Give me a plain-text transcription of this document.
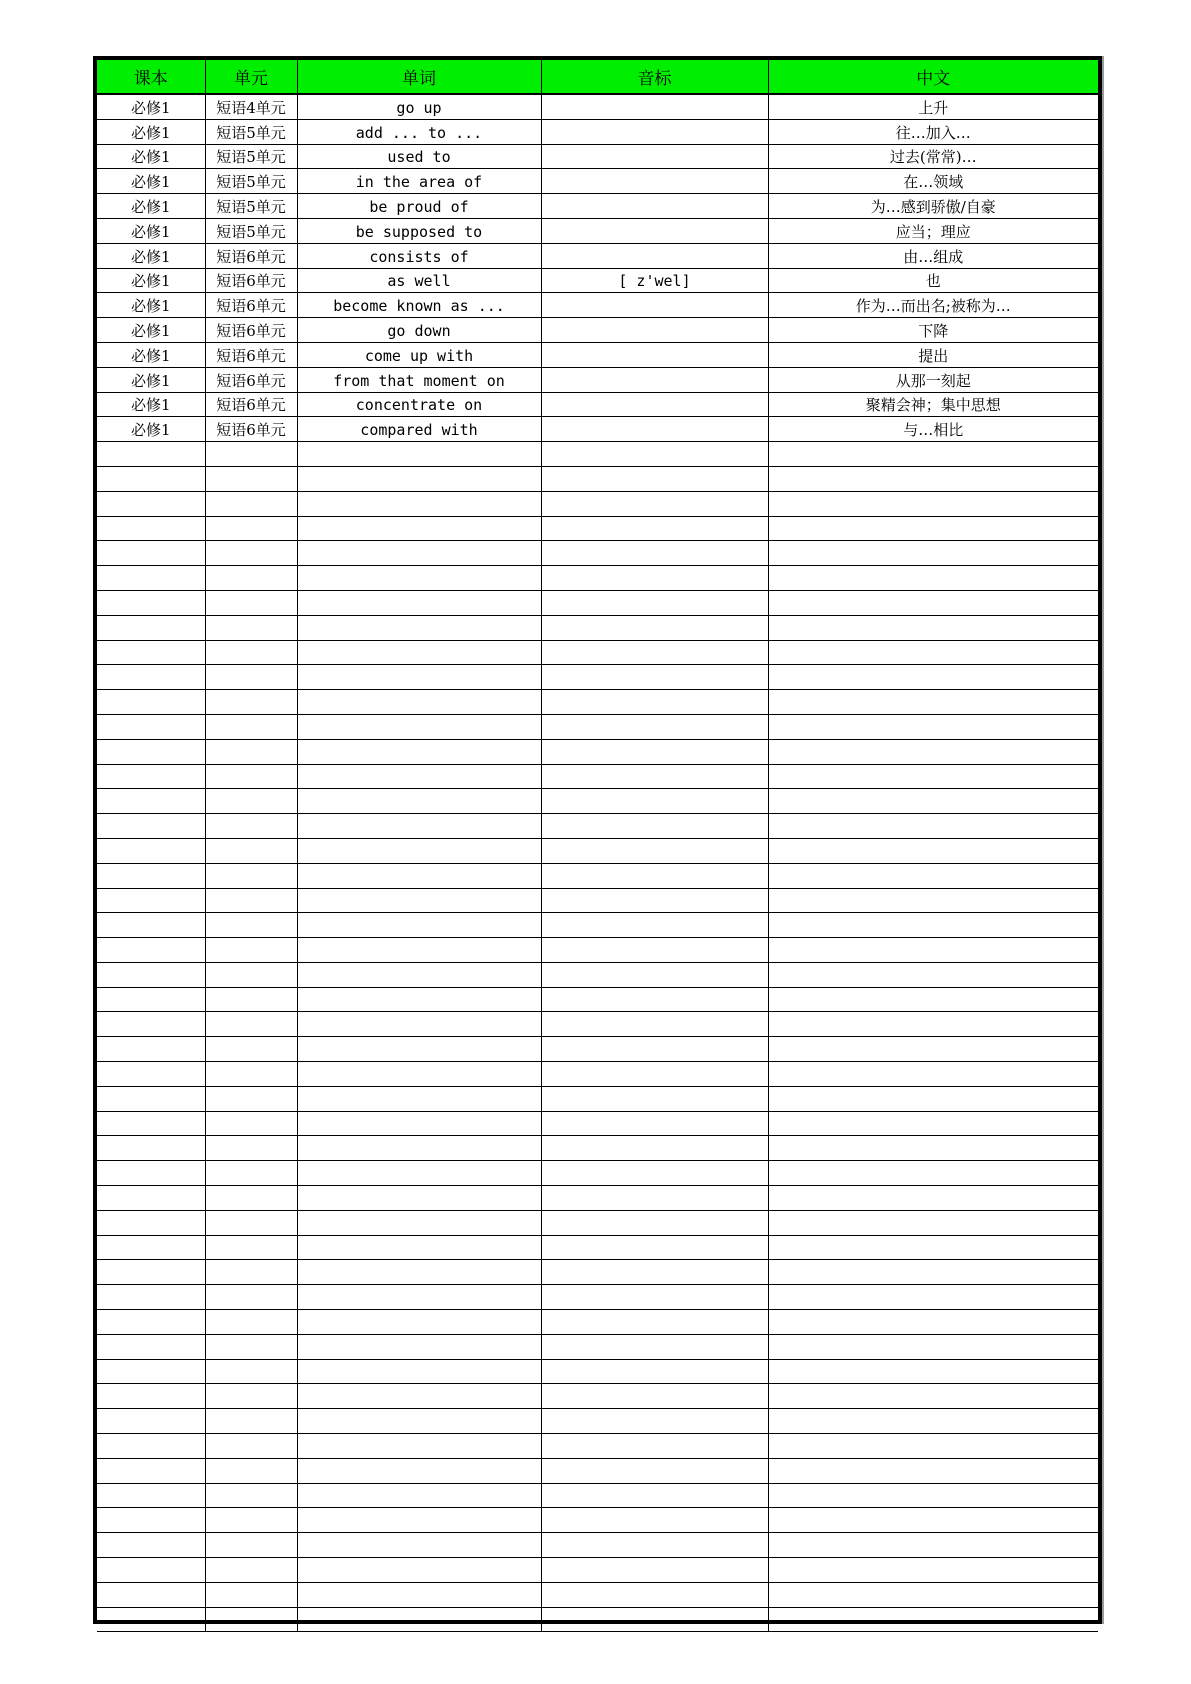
课本	单元	单词	音标	中文
必修1	短语4单元	go up		上升
必修1	短语5单元	add ... to ...		往…加入…
必修1	短语5单元	used to		过去(常常)…
必修1	短语5单元	in the area of		在…领域
必修1	短语5单元	be proud of		为…感到骄傲/自豪
必修1	短语5单元	be supposed to		应当；理应
必修1	短语6单元	consists of		由…组成
必修1	短语6单元	as well	[ z'wel]	也
必修1	短语6单元	become known as ...		作为…而出名;被称为…
必修1	短语6单元	go down		下降
必修1	短语6单元	come up with		提出
必修1	短语6单元	from that moment on		从那一刻起
必修1	短语6单元	concentrate on		聚精会神；集中思想
必修1	短语6单元	compared with		与…相比
